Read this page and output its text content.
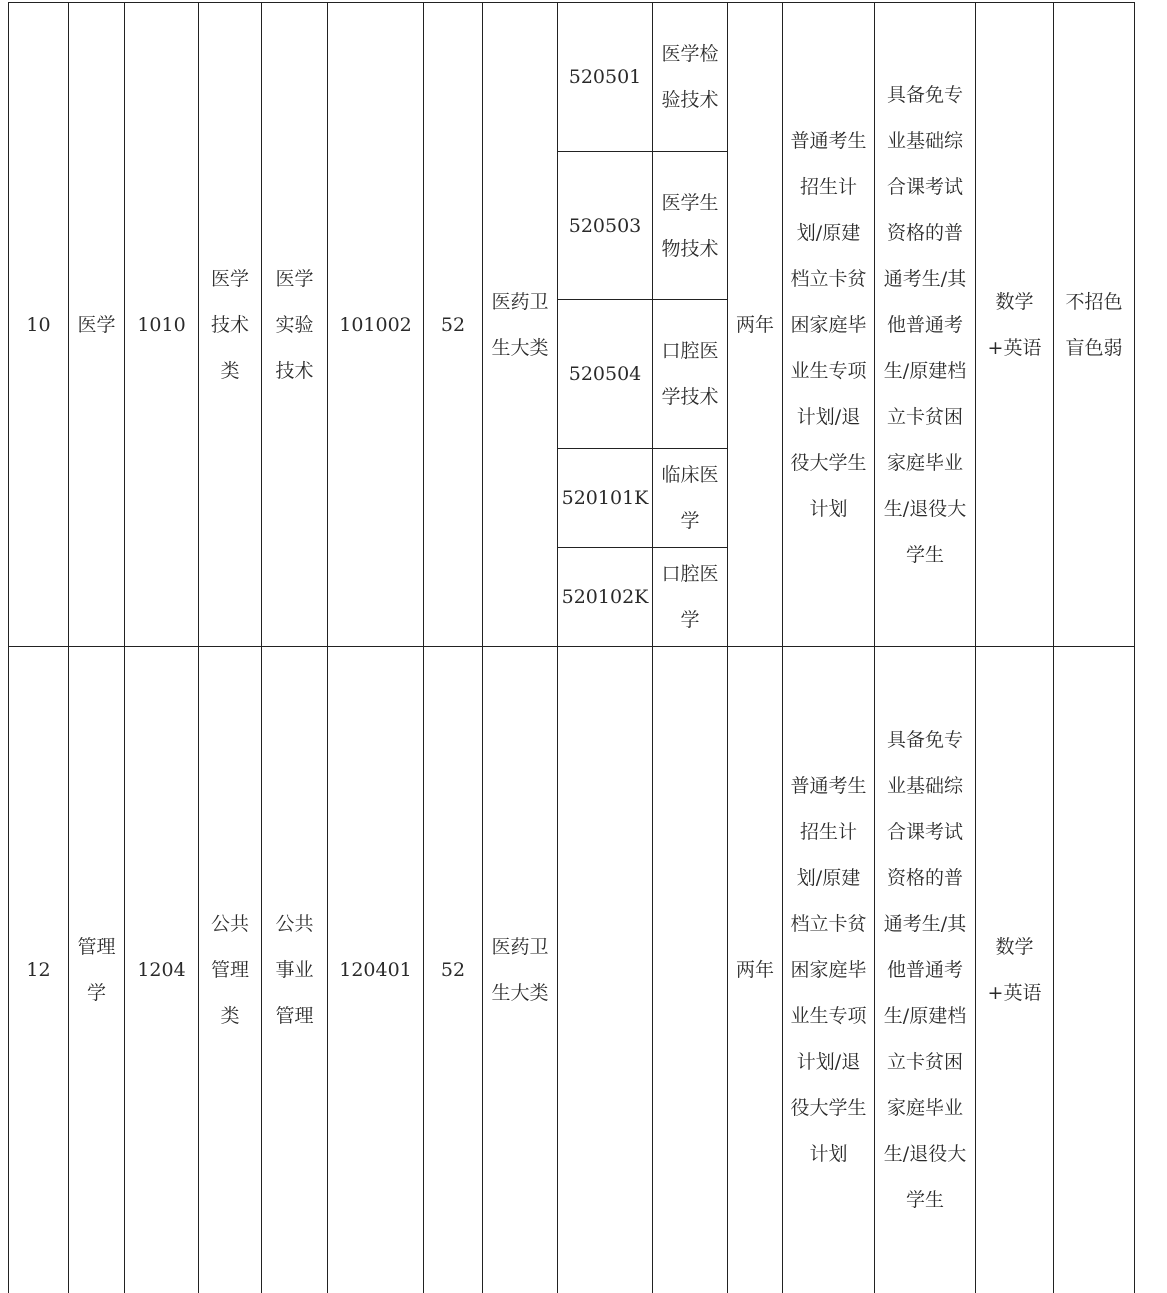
10	医学	1010	医学技术类	医学实验技术	101002	52	医药卫生大类	520501	医学检验技术	两年	普通考生招生计划/原建档立卡贫困家庭毕业生专项计划/退役大学生计划	具备免专业基础综合课考试资格的普通考生/其他普通考生/原建档立卡贫困家庭毕业生/退役大学生	数学+英语	不招色盲色弱
								520503	医学生物技术					
								520504	口腔医学技术					
								520101K	临床医学					
								520102K	口腔医学					
12	管理学	1204	公共管理类	公共事业管理	120401	52	医药卫生大类			两年	普通考生招生计划/原建档立卡贫困家庭毕业生专项计划/退役大学生计划	具备免专业基础综合课考试资格的普通考生/其他普通考生/原建档立卡贫困家庭毕业生/退役大学生	数学+英语	
